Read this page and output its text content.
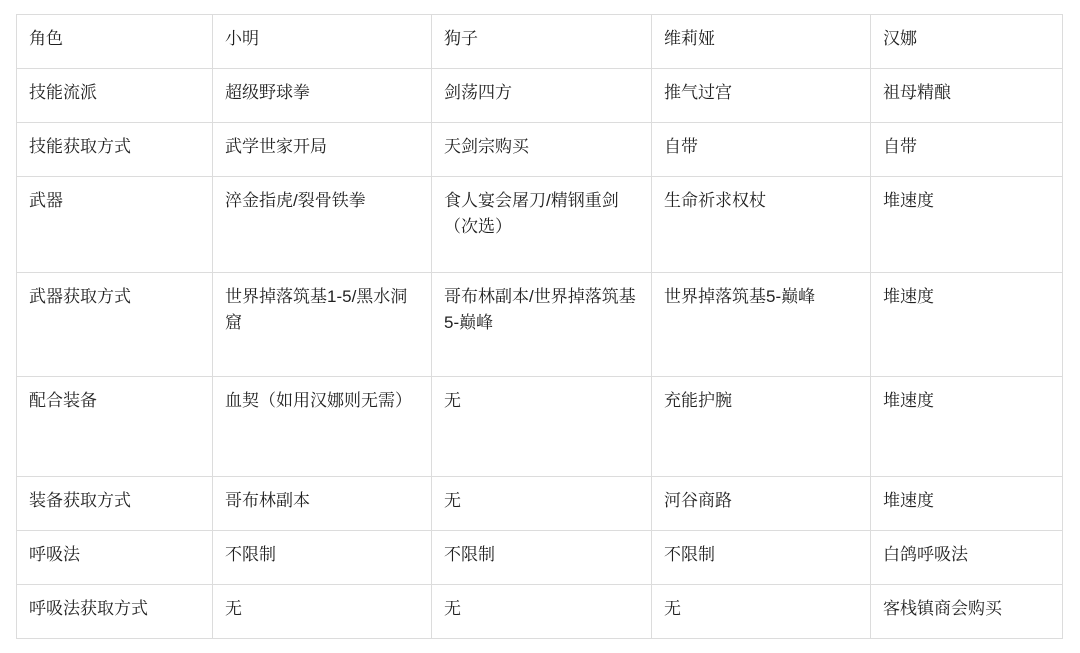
角色	小明	狗子	维莉娅	汉娜
技能流派	超级野球拳	剑荡四方	推气过宫	祖母精酿
技能获取方式	武学世家开局	天剑宗购买	自带	自带
武器	淬金指虎/裂骨铁拳	食人宴会屠刀/精钢重剑（次选）	生命祈求权杖	堆速度
武器获取方式	世界掉落筑基1-5/黑水洞窟	哥布林副本/世界掉落筑基5-巅峰	世界掉落筑基5-巅峰	堆速度
配合装备	血契（如用汉娜则无需）	无	充能护腕	堆速度
装备获取方式	哥布林副本	无	河谷商路	堆速度
呼吸法	不限制	不限制	不限制	白鸽呼吸法
呼吸法获取方式	无	无	无	客栈镇商会购买
